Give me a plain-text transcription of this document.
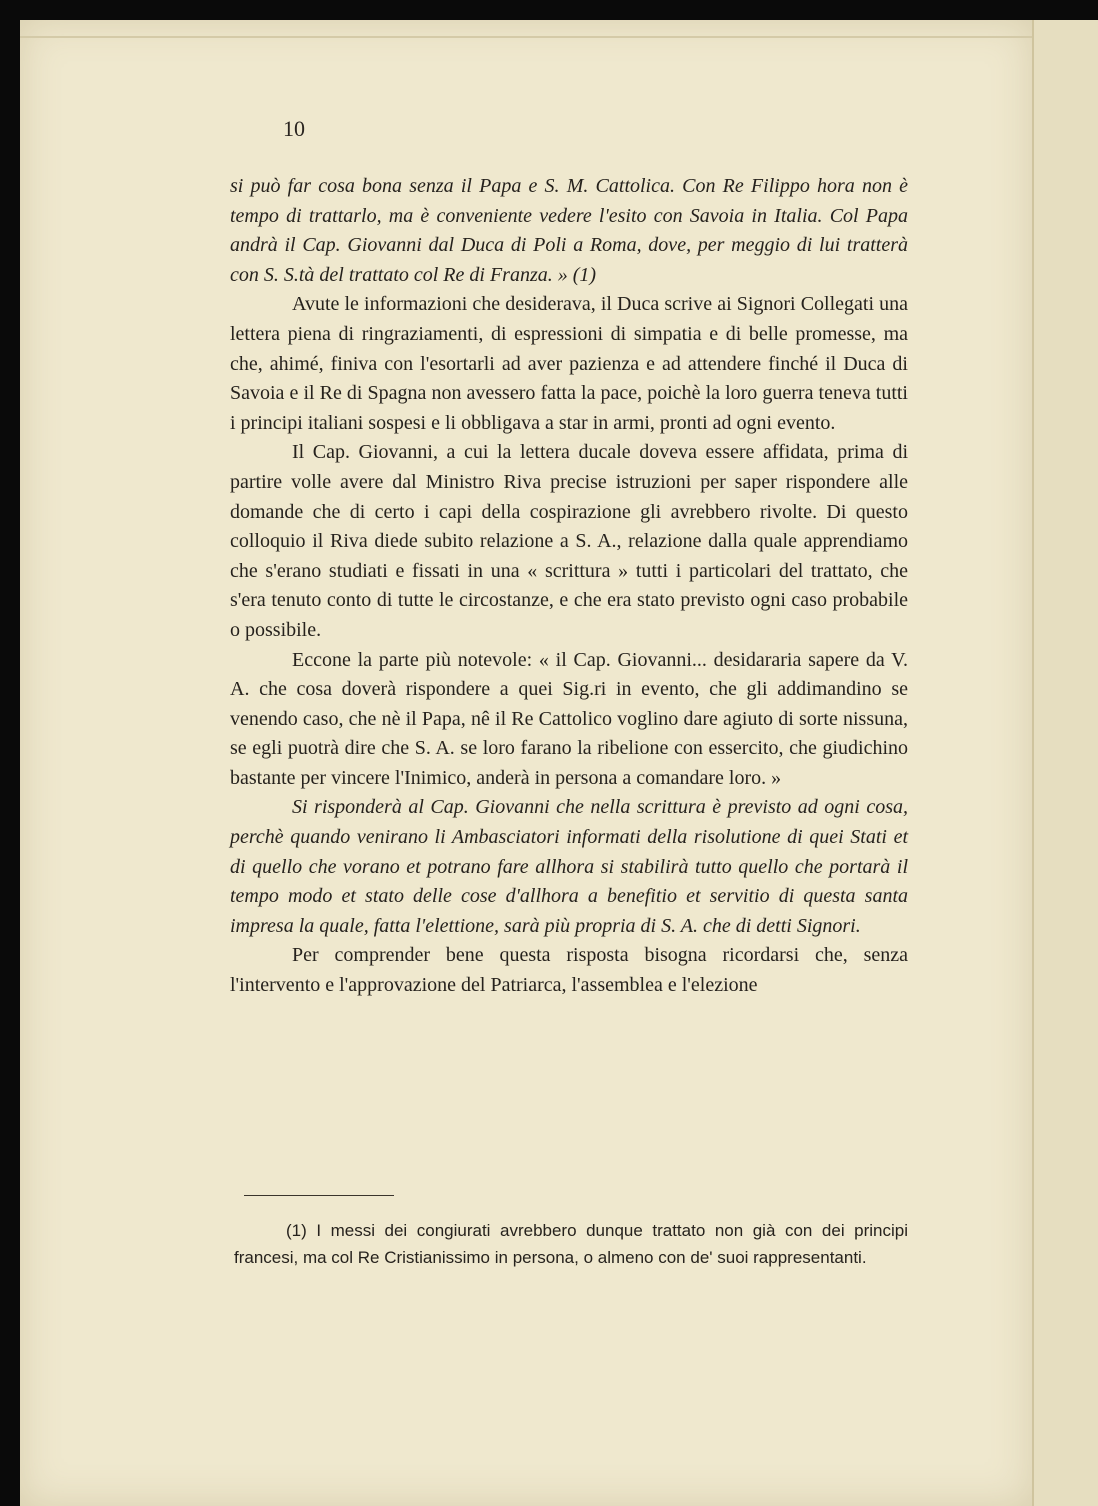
10

si può far cosa bona senza il Papa e S. M. Cattolica. Con Re Filippo hora non è tempo di trattarlo, ma è conveniente vedere l'esito con Savoia in Italia. Col Papa andrà il Cap. Giovanni dal Duca di Poli a Roma, dove, per meggio di lui tratterà con S. S.tà del trattato col Re di Franza. » (1)

Avute le informazioni che desiderava, il Duca scrive ai Signori Collegati una lettera piena di ringraziamenti, di espressioni di simpatia e di belle promesse, ma che, ahimé, finiva con l'esortarli ad aver pazienza e ad attendere finché il Duca di Savoia e il Re di Spagna non avessero fatta la pace, poichè la loro guerra teneva tutti i principi italiani sospesi e li obbligava a star in armi, pronti ad ogni evento.

Il Cap. Giovanni, a cui la lettera ducale doveva essere affidata, prima di partire volle avere dal Ministro Riva precise istruzioni per saper rispondere alle domande che di certo i capi della cospirazione gli avrebbero rivolte. Di questo colloquio il Riva diede subito relazione a S. A., relazione dalla quale apprendiamo che s'erano studiati e fissati in una « scrittura » tutti i particolari del trattato, che s'era tenuto conto di tutte le circostanze, e che era stato previsto ogni caso probabile o possibile.

Eccone la parte più notevole: « il Cap. Giovanni... desidararia sapere da V. A. che cosa doverà rispondere a quei Sig.ri in evento, che gli addimandino se venendo caso, che nè il Papa, nê il Re Cattolico voglino dare agiuto di sorte nissuna, se egli puotrà dire che S. A. se loro farano la ribelione con essercito, che giudichino bastante per vincere l'Inimico, anderà in persona a comandare loro. »

Si risponderà al Cap. Giovanni che nella scrittura è previsto ad ogni cosa, perchè quando venirano li Ambasciatori informati della risolutione di quei Stati et di quello che vorano et potrano fare allhora si stabilirà tutto quello che portarà il tempo modo et stato delle cose d'allhora a benefitio et servitio di questa santa impresa la quale, fatta l'elettione, sarà più propria di S. A. che di detti Signori.

Per comprender bene questa risposta bisogna ricordarsi che, senza l'intervento e l'approvazione del Patriarca, l'assemblea e l'elezione

(1) I messi dei congiurati avrebbero dunque trattato non già con dei principi francesi, ma col Re Cristianissimo in persona, o almeno con de' suoi rappresentanti.
